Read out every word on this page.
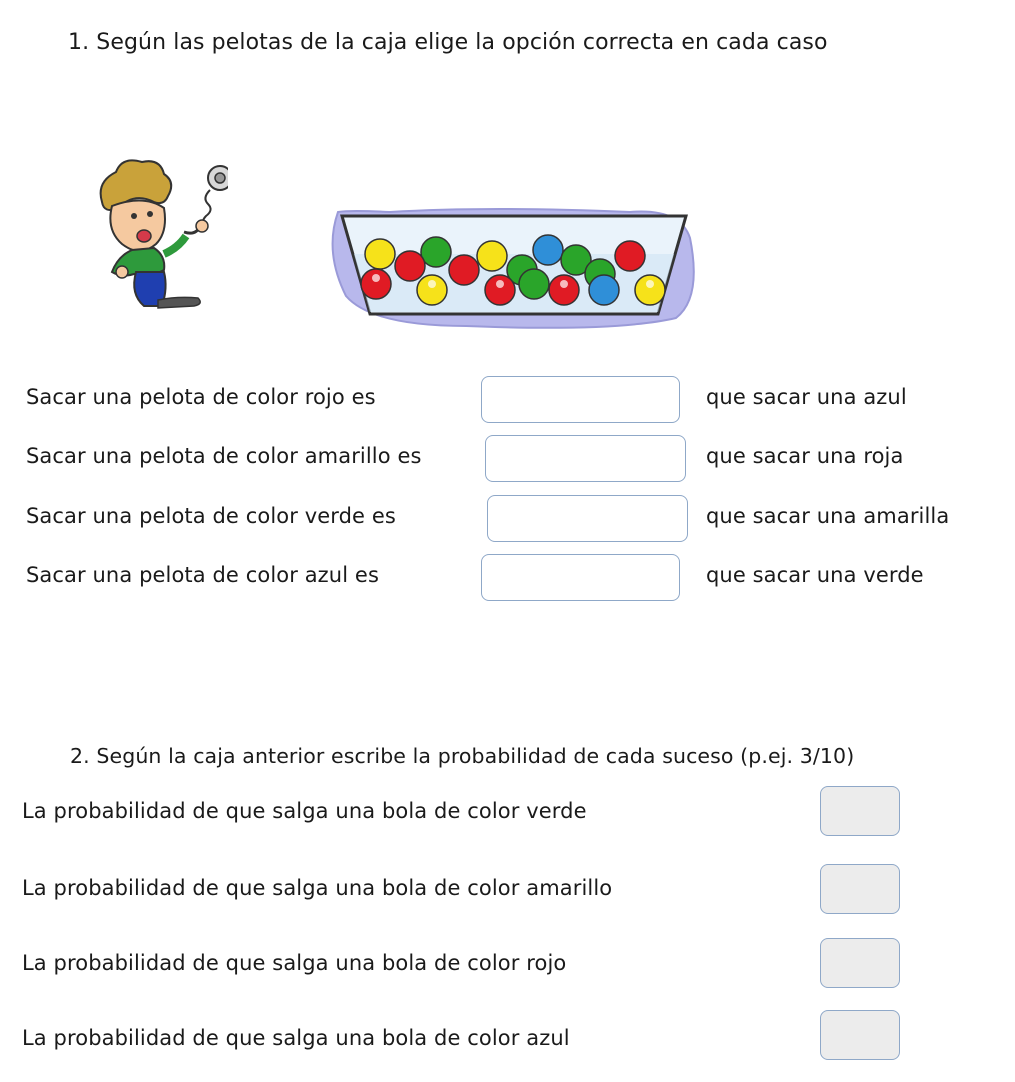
1. Según las pelotas de la caja elige la opción correcta en cada caso
Sacar una pelota de color rojo es	que sacar una azul
Sacar una pelota de color amarillo es	que sacar una roja
Sacar una pelota de color verde es	que sacar una amarilla
Sacar una pelota de color azul es	que sacar una verde
2. Según la caja anterior escribe la probabilidad de cada suceso (p.ej. 3/10)
La probabilidad de que salga una bola de color verde
La probabilidad de que salga una bola de color amarillo
La probabilidad de que salga una bola de color rojo
La probabilidad de que salga una bola de color azul
